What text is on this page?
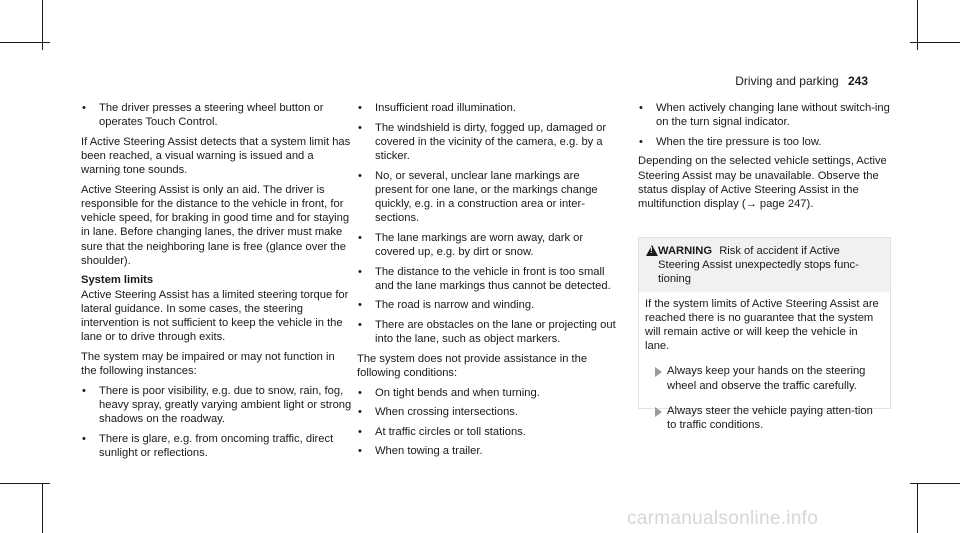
Driving and parking 243
• The driver presses a steering wheel button or operates Touch Control.

If Active Steering Assist detects that a system limit has been reached, a visual warning is issued and a warning tone sounds.

Active Steering Assist is only an aid. The driver is responsible for the distance to the vehicle in front, for vehicle speed, for braking in good time and for staying in lane. Before changing lanes, the driver must make sure that the neighboring lane is free (glance over the shoulder).

System limits

Active Steering Assist has a limited steering torque for lateral guidance. In some cases, the steering intervention is not sufficient to keep the vehicle in the lane or to drive through exits.

The system may be impaired or may not function in the following instances:

• There is poor visibility, e.g. due to snow, rain, fog, heavy spray, greatly varying ambient light or strong shadows on the roadway.
• There is glare, e.g. from oncoming traffic, direct sunlight or reflections.
• Insufficient road illumination.
• The windshield is dirty, fogged up, damaged or covered in the vicinity of the camera, e.g. by a sticker.
• No, or several, unclear lane markings are present for one lane, or the markings change quickly, e.g. in a construction area or inter-sections.
• The lane markings are worn away, dark or covered up, e.g. by dirt or snow.
• The distance to the vehicle in front is too small and the lane markings thus cannot be detected.
• The road is narrow and winding.
• There are obstacles on the lane or projecting out into the lane, such as object markers.

The system does not provide assistance in the following conditions:

• On tight bends and when turning.
• When crossing intersections.
• At traffic circles or toll stations.
• When towing a trailer.
• When actively changing lane without switch-ing on the turn signal indicator.
• When the tire pressure is too low.

Depending on the selected vehicle settings, Active Steering Assist may be unavailable. Observe the status display of Active Steering Assist in the multifunction display (→ page 247).

! WARNING Risk of accident if Active Steering Assist unexpectedly stops func-tioning
If the system limits of Active Steering Assist are reached there is no guarantee that the system will remain active or will keep the vehicle in lane.
Always keep your hands on the steering wheel and observe the traffic carefully.
Always steer the vehicle paying atten-tion to traffic conditions.
carmanualsonline.info
